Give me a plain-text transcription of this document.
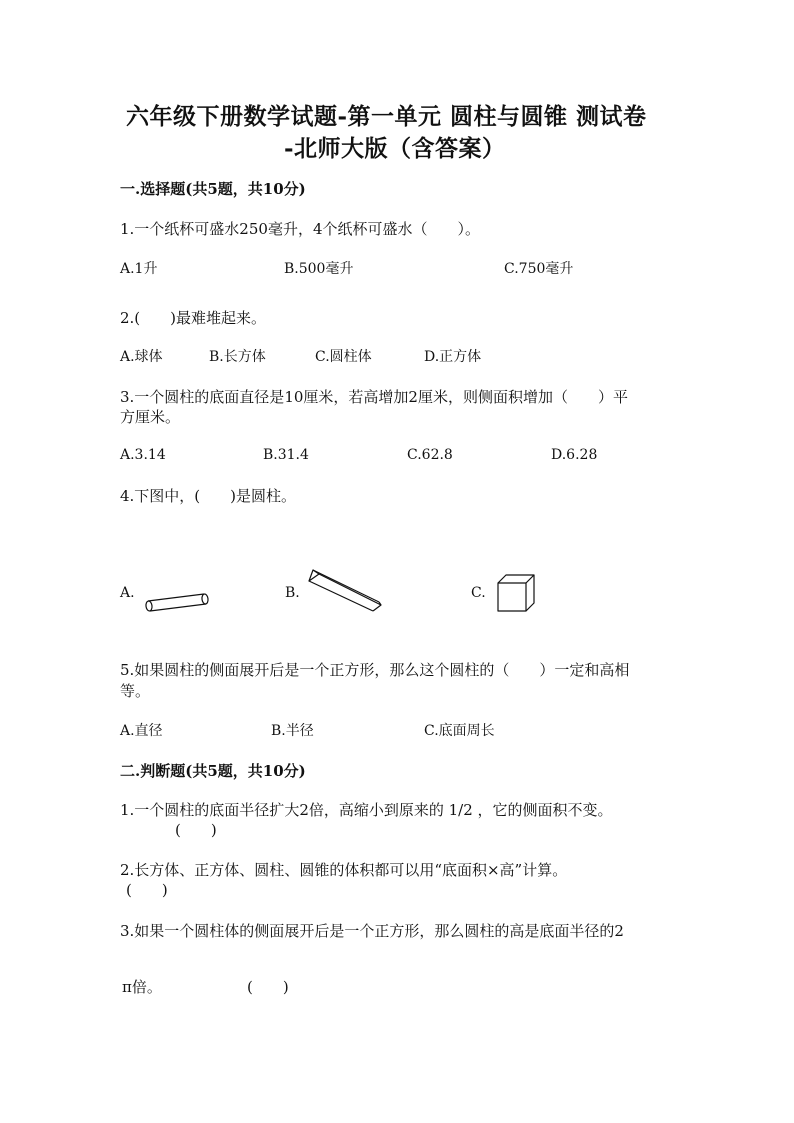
六年级下册数学试题-第一单元 圆柱与圆锥 测试卷
-北师大版（含答案）
一.选择题(共5题，共10分)
1.一个纸杯可盛水250毫升，4个纸杯可盛水（　　）。
A.1升	B.500毫升	C.750毫升
2.(　　)最难堆起来。
A.球体	B.长方体	C.圆柱体	D.正方体
3.一个圆柱的底面直径是10厘米，若高增加2厘米，则侧面积增加（　　）平
方厘米。
A.3.14	B.31.4	C.62.8	D.6.28
4.下图中，(　　)是圆柱。
A.	B.	C.
5.如果圆柱的侧面展开后是一个正方形，那么这个圆柱的（　　）一定和高相
等。
A.直径	B.半径	C.底面周长
二.判断题(共5题，共10分)
1.一个圆柱的底面半径扩大2倍，高缩小到原来的 1/2 ，它的侧面积不变。
(　　)
2.长方体、正方体、圆柱、圆锥的体积都可以用“底面积×高”计算。
(　　)
3.如果一个圆柱体的侧面展开后是一个正方形，那么圆柱的高是底面半径的2
π倍。	(　　)
